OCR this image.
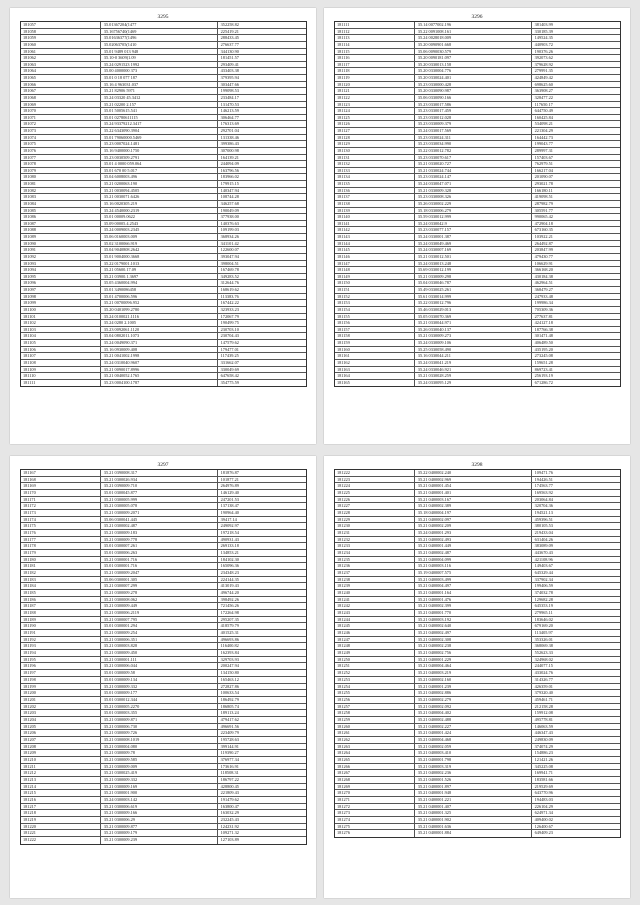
3295
181057	35.01367204(1477	352258.82
181058	35.16756740(1469	225419.21
181059	35.01636377(1496	288433.45
181060	35.02063705(1410	276637.77
181061	35.01 9489 013 948	344130.90
181062	35.10-0 3609(1.09	181451.57
181063	35.24 0291523 1992	293409.41
181064	35.00 4000000 373	433403.38
181065	35.01 0 18 077 187	379395.94
181066	35.16 4 963031.037	303447.66
181067	35.21 82906 5971	199098.53
181068	35.24 03320 45.3412	233484.17
181069	35.21 02200 2.157	131470.53
181070	35.01 5005615.541	146213.59
181071	35.01 02780611115	306464.77
181072	35.24 93379212.3417	176313.69
181073	35.22 6343090.3904	292701.04
181074	35.01 79060000.5469	131338.46
181075	35.23 0007024.1481	399386.43
181076	35.16 9400000.1750	307000.98
181077	35.23 0030509.2791	164139.21
181078	35.01 4 0000 059.064	244094.09
181079	35.01 670 00 5.017	163796.56
181080	35.04 6008003.496	183966.02
181081	35.21 0200063.190	179915.15
181082	35.21 0030094.4505	140347.94
181083	35.21 0030071.6426	108744.28
181084	35.16 0020305.219	346257.68
181085	35.24 4540000.2319	190049.09
181086	35.01 00009.0622	377938.00
181087	35.09 00005.4.2543	140376.63
181088	35.24 0009003.2345	109199.03
181089	35.06 0160003.009	368934.26
181090	35.02 3100066.919	341101.42
181091	35.04 9040808.2642	122600.07
181092	35.01 9004000.3668	393047.94
181093	35.22 0179001.1013	398004.51
181094	35.21 05600.17.09	167469.78
181095	35.21 03900.1.3697	349283.52
181096	35.05 4360004.994	312644.76
181097	35.01 3490086458	168619.62
181098	35.01 4700006.596	113383.76
181099	35.21 00700096.952	167442.22
181100	35.20 0401099.2780	323933.23
181101	35.24 0100021.1116	172067.79
181102	35.24 0280 2.1005	190499.75
181103	35.23 0092061.1120	230703.10
181104	35.04 0802011.1073	230704.43
181105	35.24 0049090.371	147579.62
181106	35.16 0930009.408	179477.01
181107	35.21 0041002.1998	117439.25
181108	35.24 0310040.9607	331662.07
181109	35.21 0090017.8996	330049.69
181110	35.21 0040052.1765	647658.42
181111	35.23 0004100.1787	354775.59
3296
181111	35.14 0077002.196	381403.99
181112	35.22 0091008.161	330185.39
181113	35.24 0028018.009	149524.35
181114	35.20 0090901.668	440903.72
181115	35.06 0090030.579	190376.26
181116	35.20 0090181.097	392073.62
181117	35.20 0330013.158	379628.92
181118	35.20 0330004.776	279991.35
181119	35.20 0330024.401	424849.42
181120	35.23 0330000.428	698625.60
181121	35.20 0330090.987	363908.27
181122	35.06 0330090.166	328477.22
181123	35.23 0330017.586	117650.17
181124	35.23 0330017.459	644750.49
181125	35.23 0330012.028	160425.84
181126	35.23 0330009.379	534098.21
181127	35.24 0330017.569	221304.29
181128	35.23 0330024.311	164442.73
181129	35.23 0330034.990	199043.77
181130	35.22 0330012.782	289997.31
181131	35.23 0330070.617	157403.67
181132	35.21 0330020.727	762979.51
181133	35.21 0330024.744	166217.04
181134	35.23 0330024.147	201090.07
181135	35.24 0330047.071	293021.78
181136	35.21 0330009.328	166180.11
181137	35.23 0330008.326	419098.51
181138	35.26 0330002.229	287982.79
181139	35.18 0330006.279	305591.77
181140	35.59 0330012.999	990065.42
181141	35.24 0330042.9	472904.18
181142	35.23 0330077.157	673160.35
181143	35.24 0330001.387	103922.21
181144	35.24 0330049.469	264492.87
181145	35.24 0330007.169	203847.99
181146	35.21 0330012.501	479430.77
181147	35.24 0330013.248	106629.91
181148	35.69 0330012.199	366168.20
181149	35.21 0330009.298	430184.38
181150	35.04 0330046.787	462964.51
181151	35.49 0330025.261	368479.27
181152	35.61 0330014.999	247933.48
181153	35.22 0330012.796	199986.34
181154	35.46 0330029.013	705309.36
181155	35.05 0330070.369	277637.81
181156	35.21 0330044.971	424127.18
181157	35.26 0330040.137	187766.38
181158	35.21 0330009.273	301471.48
181159	35.24 0330009.106	406489.50
181160	35.25 0330058.490	435195.20
181161	35.16 0330044.211	273245.08
181162	35.24 0330041.219	159651.28
181163	35.24 0330046.921	869723.41
181164	35.21 0330028.259	256193.19
181165	35.24 0330095.129	671286.72
3297
181167	35.21 0390008.317	181876.87
181168	35.21 0300026.934	101877.21
181169	35.21 0390009.710	264976.89
181170	35.01 0300045.877	146129.40
181171	35.21 0300005.999	247201.53
181172	35.21 0300005.078	137138.47
181173	35.21 0300009.2071	190964.40
181174	35.06 0300041.445	39417.14
181175	35.21 0300002.487	249092.97
181176	35.21 0300009.183	197218.54
181177	35.21 0300009.778	490931.43
181178	35.01 0300007.261	269133.18
181179	35.01 0300006.263	134853.21
181180	35.21 0300001.716	184102.30
181181	35.01 0300001.716	165096.36
181182	35.21 0300009.2047	234348.23
181183	35.06 0300001.305	224144.35
181184	35.21 0300007.299	413019.43
181185	35.21 0300009.278	496744.20
181186	35.21 0300008.062	398492.26
181187	35.21 0300009.449	721456.26
181188	35.21 0300006.2119	172264.98
181189	35.21 0300007.795	295207.35
181190	35.01 0300001.294	418579.79
181191	35.21 0300009.254	401525.31
181192	35.21 0300006.351	496693.86
181193	35.21 0300003.828	116400.82
181194	35.21 0300009.450	162393.84
181195	35.21 0300001.111	329703.93
181196	35.21 0300006.044	200247.94
181197	35.01 0300009.58	134150.80
181198	35.01 0300009.134	165463.12
181199	35.21 0300009.332	272827.86
181200	35.01 0300009.177	100633.54
181201	35.01 0300012.344	186492.79
181202	35.21 0300005.2270	186805.74
181203	35.01 0300003.355	189113.24
181204	35.21 0300009.871	479417.62
181205	35.21 0300006.730	496691.56
181206	35.21 0300009.726	223409.79
181207	35.21 0300008.1019	195728.63
181208	35.21 0300004.080	399144.91
181209	35.21 0300009.78	119390.27
181210	35.21 0300009.585	376977.34
181211	35.21 0300009.009	173616.91
181212	35.21 0300025.419	118508.31
181213	35.21 0300009.332	186797.22
181214	35.21 0300009.169	428800.45
181215	35.21 0300001.900	221809.43
181216	35.24 0300003.142	191479.62
181217	35.21 0300006.619	163800.47
181218	35.21 0300009.166	163032.29
181219	35.21 0300006.29	232245.43
181220	35.21 0300009.877	124231.92
181221	35.21 0300009.179	109271.32
181222	35.21 0300009.239	127103.89
3298
181222	35.22 0400002.240	109471.76
181223	35.21 0400002.969	194426.51
181224	35.21 0400001.454	174563.77
181225	35.21 0400001.401	169563.92
181226	35.21 0400003.167	203064.84
181227	35.21 0400002.389	320704.36
181228	35.18 0400004.197	194521.13
181229	35.21 0400002.097	459396.51
181230	35.21 0400002.209	380105.53
181231	35.24 0400001.293	219433.04
181232	35.21 0400002.493	631404.26
181233	35.21 0400001.449	383089.09
181234	35.21 0400002.487	443670.43
181235	35.21 0400004.099	421108.96
181236	35.21 0400003.116	149403.67
181237	35.19 0400007.575	645329.44
181238	35.21 0400003.499	337902.34
181239	35.21 0400004.497	199406.59
181240	35.21 0400001.164	374032.78
181241	35.21 0400001.476	129682.28
181242	35.21 0400002.399	645353.19
181243	35.21 0400001.770	279965.11
181244	35.21 0400003.192	183646.02
181245	35.21 0400002.640	679169.20
181246	35.21 0400002.497	113405.97
181247	35.21 0400002.308	353326.01
181248	35.21 0400002.238	368069.38
181249	35.21 0400002.756	552623.33
181250	35.21 0400001.229	324968.02
181251	35.21 0400004.464	244077.15
181252	35.21 0400003.219	433024.76
181253	35.21 0400002.160	314326.77
181254	35.21 0400001.239	426359.01
181255	35.21 0400002.886	379320.40
181256	35.21 0400002.279	459461.71
181257	35.21 0400002.092	212158.28
181258	35.21 0400004.402	159912.08
181259	35.21 0400002.488	495778.81
181260	35.21 0400002.227	146063.59
181261	35.21 0400001.424	446347.43
181262	35.21 0400004.468	249830.09
181263	35.21 0400002.059	374074.29
181264	35.21 0400003.410	154886.23
181265	35.21 0400001.798	121421.26
181266	35.21 0400003.319	345225.08
181267	35.21 0400002.236	169941.71
181268	35.21 0400001.526	183581.66
181269	35.21 0400001.897	219529.69
181270	35.21 0400001.948	643770.96
181271	35.21 0400001.221	194483.03
181272	35.21 0400001.407	226104.29
181273	35.21 0400001.325	624971.34
181274	35.21 0400001.902	409400.02
181275	35.21 0400001.636	126400.67
181276	35.21 0400001.884	649409.23
